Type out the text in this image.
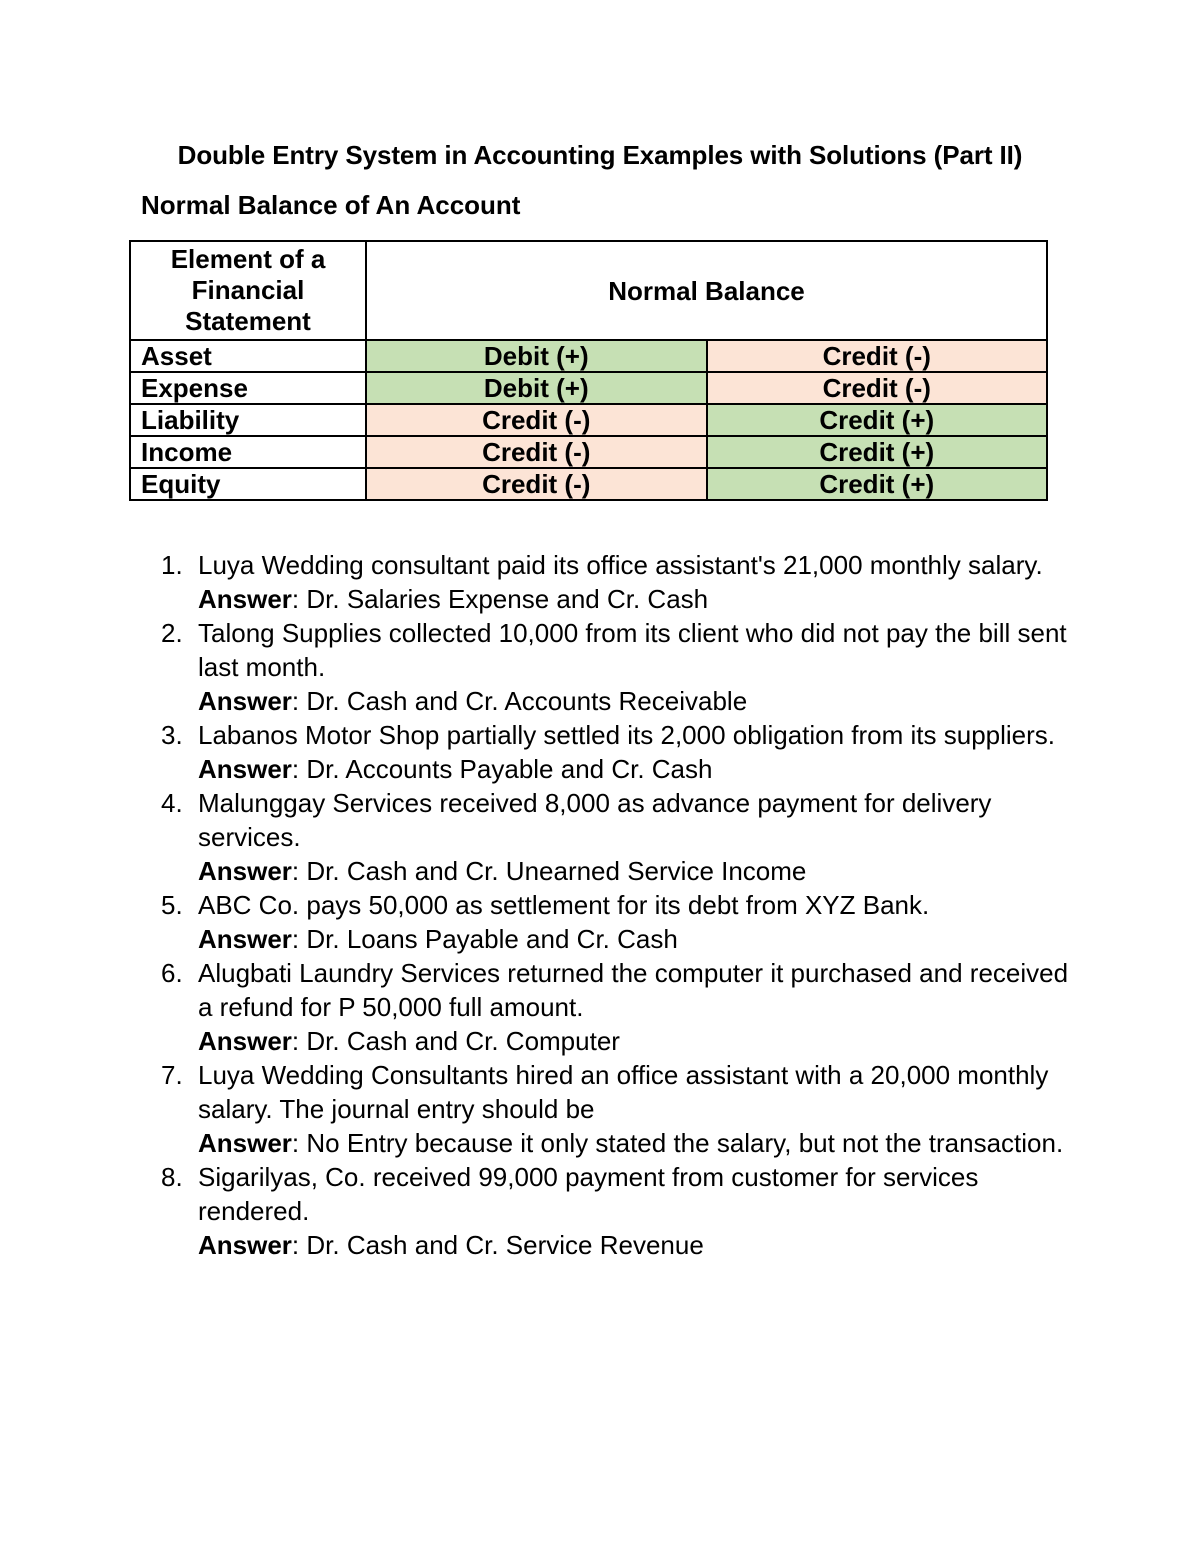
Double Entry System in Accounting Examples with Solutions (Part II)
Normal Balance of An Account
Element of a Financial Statement	Normal Balance	
Asset	Debit (+)	Credit (-)
Expense	Debit (+)	Credit (-)
Liability	Credit (-)	Credit (+)
Income	Credit (-)	Credit (+)
Equity	Credit (-)	Credit (+)
1. Luya Wedding consultant paid its office assistant's 21,000 monthly salary.
Answer: Dr. Salaries Expense and Cr. Cash
2. Talong Supplies collected 10,000 from its client who did not pay the bill sent last month.
Answer: Dr. Cash and Cr. Accounts Receivable
3. Labanos Motor Shop partially settled its 2,000 obligation from its suppliers.
Answer: Dr. Accounts Payable and Cr. Cash
4. Malunggay Services received 8,000 as advance payment for delivery services.
Answer: Dr. Cash and Cr. Unearned Service Income
5. ABC Co. pays 50,000 as settlement for its debt from XYZ Bank.
Answer: Dr. Loans Payable and Cr. Cash
6. Alugbati Laundry Services returned the computer it purchased and received a refund for P 50,000 full amount.
Answer: Dr. Cash and Cr. Computer
7. Luya Wedding Consultants hired an office assistant with a 20,000 monthly salary. The journal entry should be
Answer: No Entry because it only stated the salary, but not the transaction.
8. Sigarilyas, Co. received 99,000 payment from customer for services rendered.
Answer: Dr. Cash and Cr. Service Revenue
